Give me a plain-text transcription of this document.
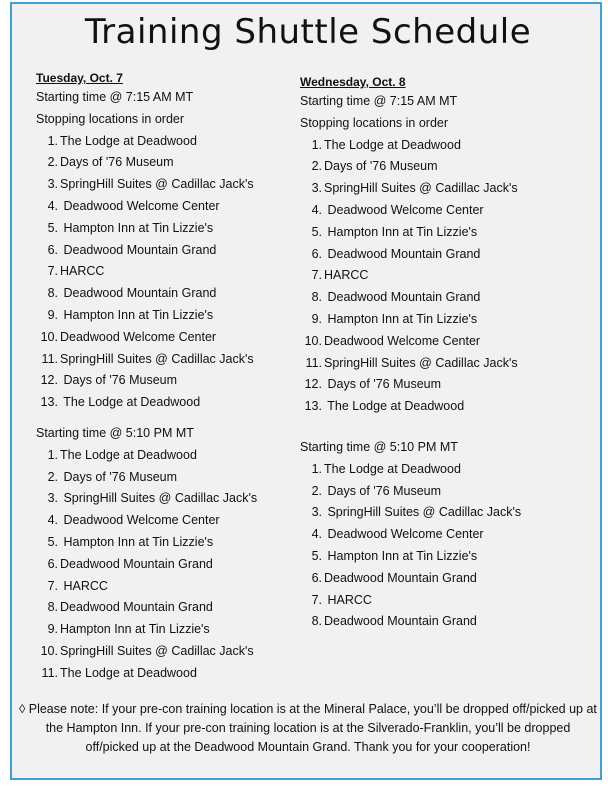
Training Shuttle Schedule
Tuesday, Oct. 7
Starting time @ 7:15 AM MT
Stopping locations in order
1. The Lodge at Deadwood
2. Days of '76 Museum
3. SpringHill Suites @ Cadillac Jack's
4. Deadwood Welcome Center
5. Hampton Inn at Tin Lizzie's
6. Deadwood Mountain Grand
7. HARCC
8. Deadwood Mountain Grand
9. Hampton Inn at Tin Lizzie's
10. Deadwood Welcome Center
11. SpringHill Suites @ Cadillac Jack's
12. Days of '76 Museum
13. The Lodge at Deadwood
Starting time @ 5:10 PM MT
1. The Lodge at Deadwood
2. Days of '76 Museum
3. SpringHill Suites @ Cadillac Jack's
4. Deadwood Welcome Center
5. Hampton Inn at Tin Lizzie's
6. Deadwood Mountain Grand
7. HARCC
8. Deadwood Mountain Grand
9. Hampton Inn at Tin Lizzie's
10. SpringHill Suites @ Cadillac Jack's
11. The Lodge at Deadwood
Wednesday, Oct. 8
Starting time @ 7:15 AM MT
Stopping locations in order
1. The Lodge at Deadwood
2. Days of '76 Museum
3. SpringHill Suites @ Cadillac Jack's
4. Deadwood Welcome Center
5. Hampton Inn at Tin Lizzie's
6. Deadwood Mountain Grand
7. HARCC
8. Deadwood Mountain Grand
9. Hampton Inn at Tin Lizzie's
10. Deadwood Welcome Center
11. SpringHill Suites @ Cadillac Jack's
12. Days of '76 Museum
13. The Lodge at Deadwood
Starting time @ 5:10 PM MT
1. The Lodge at Deadwood
2. Days of '76 Museum
3. SpringHill Suites @ Cadillac Jack's
4. Deadwood Welcome Center
5. Hampton Inn at Tin Lizzie's
6. Deadwood Mountain Grand
7. HARCC
8. Deadwood Mountain Grand
◊ Please note: If your pre-con training location is at the Mineral Palace, you’ll be dropped off/picked up at the Hampton Inn. If your pre-con training location is at the Silverado-Franklin, you’ll be dropped off/picked up at the Deadwood Mountain Grand. Thank you for your cooperation!
